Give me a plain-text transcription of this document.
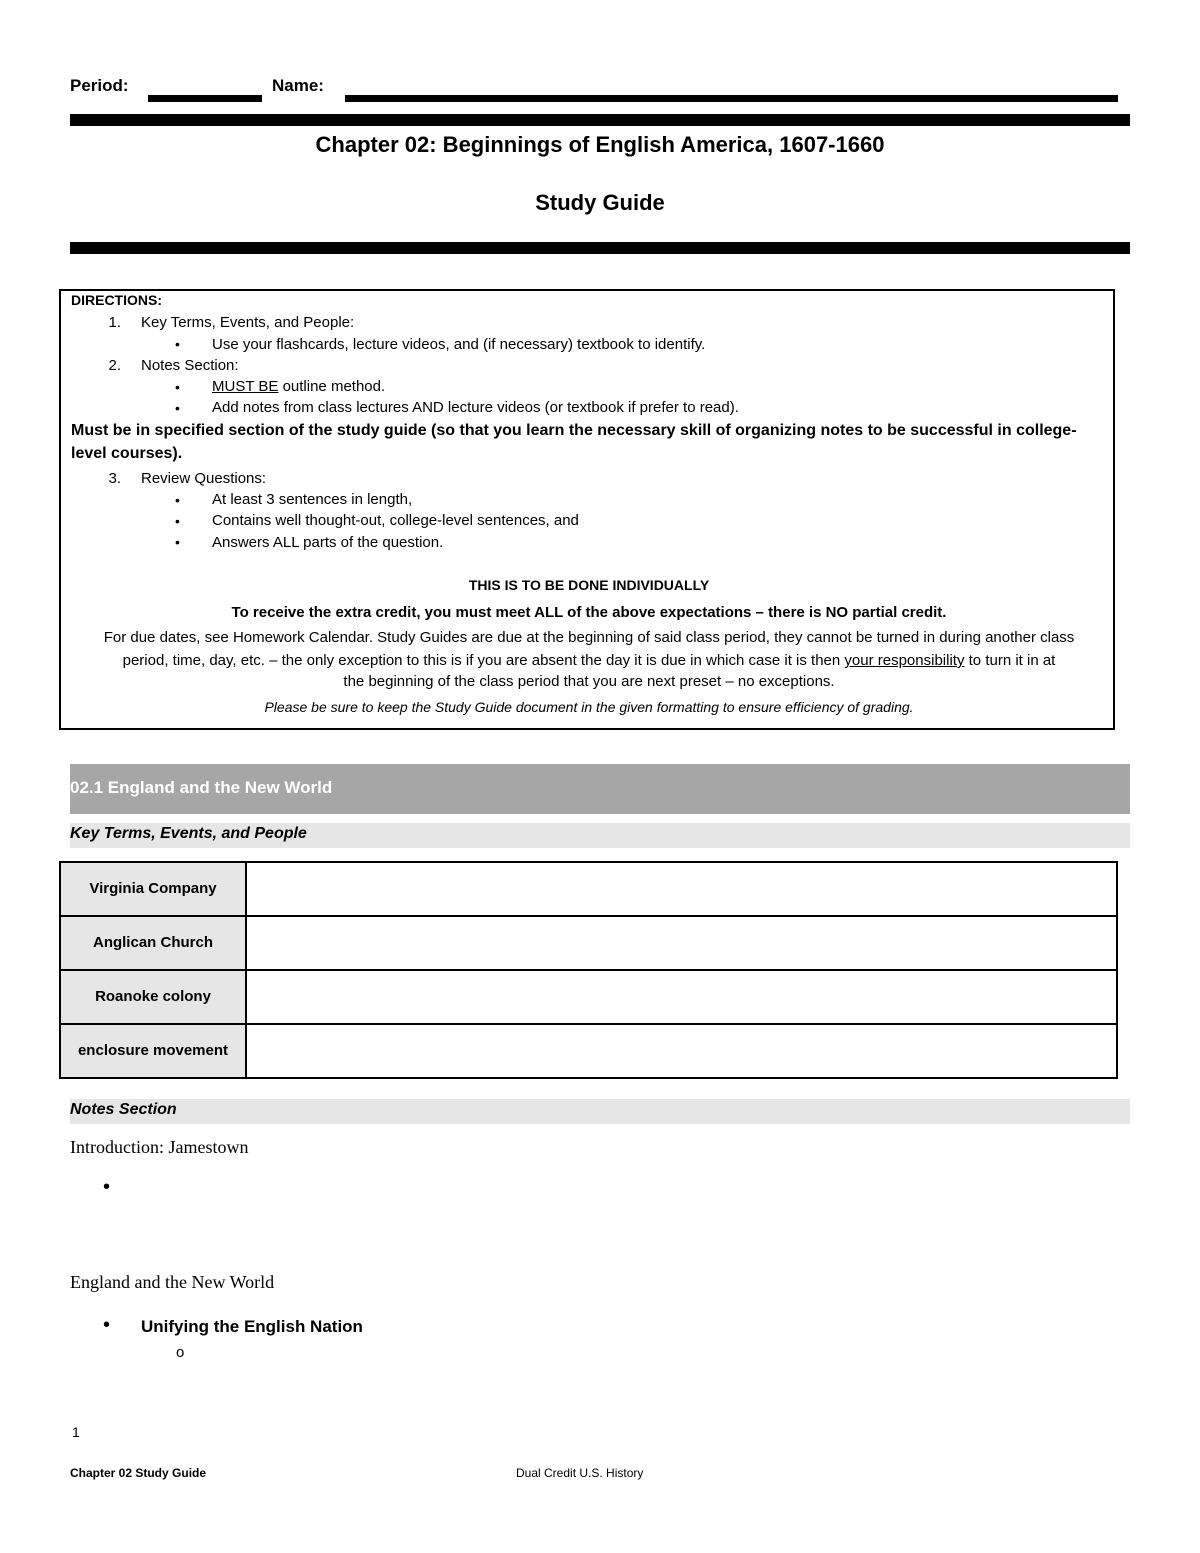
Period:	Name:
Chapter 02: Beginnings of English America, 1607-1660
Study Guide
DIRECTIONS:
1. Key Terms, Events, and People:
• Use your flashcards, lecture videos, and (if necessary) textbook to identify.
2. Notes Section:
• MUST BE outline method.
• Add notes from class lectures AND lecture videos (or textbook if prefer to read).
Must be in specified section of the study guide (so that you learn the necessary skill of organizing notes to be successful in college-
level courses).
3. Review Questions:
• At least 3 sentences in length,
• Contains well thought-out, college-level sentences, and
• Answers ALL parts of the question.
THIS IS TO BE DONE INDIVIDUALLY
To receive the extra credit, you must meet ALL of the above expectations – there is NO partial credit.
For due dates, see Homework Calendar. Study Guides are due at the beginning of said class period, they cannot be turned in during another class
period, time, day, etc. – the only exception to this is if you are absent the day it is due in which case it is then your responsibility to turn it in at
the beginning of the class period that you are next preset – no exceptions.
Please be sure to keep the Study Guide document in the given formatting to ensure efficiency of grading.
02.1 England and the New World
Key Terms, Events, and People
Virginia Company	
Anglican Church	
Roanoke colony	
enclosure movement	
Notes Section
Introduction: Jamestown
•
England and the New World
• Unifying the English Nation
o
1
Chapter 02 Study Guide	Dual Credit U.S. History
